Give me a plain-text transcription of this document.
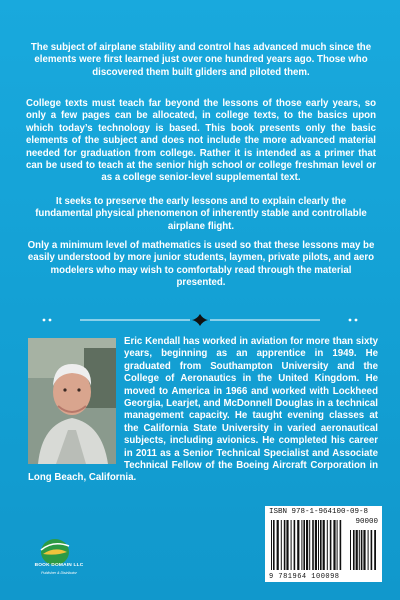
The subject of airplane stability and control has advanced much since the elements were first learned just over one hundred years ago. Those who discovered them built gliders and piloted them.

College texts must teach far beyond the lessons of those early years, so only a few pages can be allocated, in college texts, to the basics upon which today’s technology is based. This book presents only the basic elements of the subject and does not include the more advanced material needed for graduation from college. Rather it is intended as a primer that can be used to teach at the senior high school or college freshman level or as a college senior-level supplemental text.

It seeks to preserve the early lessons and to explain clearly the fundamental physical phenomenon of inherently stable and controllable airplane flight.

Only a minimum level of mathematics is used so that these lessons may be easily understood by more junior students, laymen, private pilots, and aero modelers who may wish to comfortably read through the material presented.

Eric Kendall has worked in aviation for more than sixty years, beginning as an apprentice in 1949. He graduated from Southampton University and the College of Aeronautics in the United Kingdom. He moved to America in 1966 and worked with Lockheed Georgia, Learjet, and McDonnell Douglas in a technical management capacity. He taught evening classes at the California State University in varied aeronautical subjects, including avionics. He completed his career in 2011 as a Senior Technical Specialist and Associate Technical Fellow of the Boeing Aircraft Corporation in Long Beach, California.
BOOK DOMAIN LLC
Publisher & Distributor
ISBN 978-1-964100-09-8
90000
9 781964 100098
